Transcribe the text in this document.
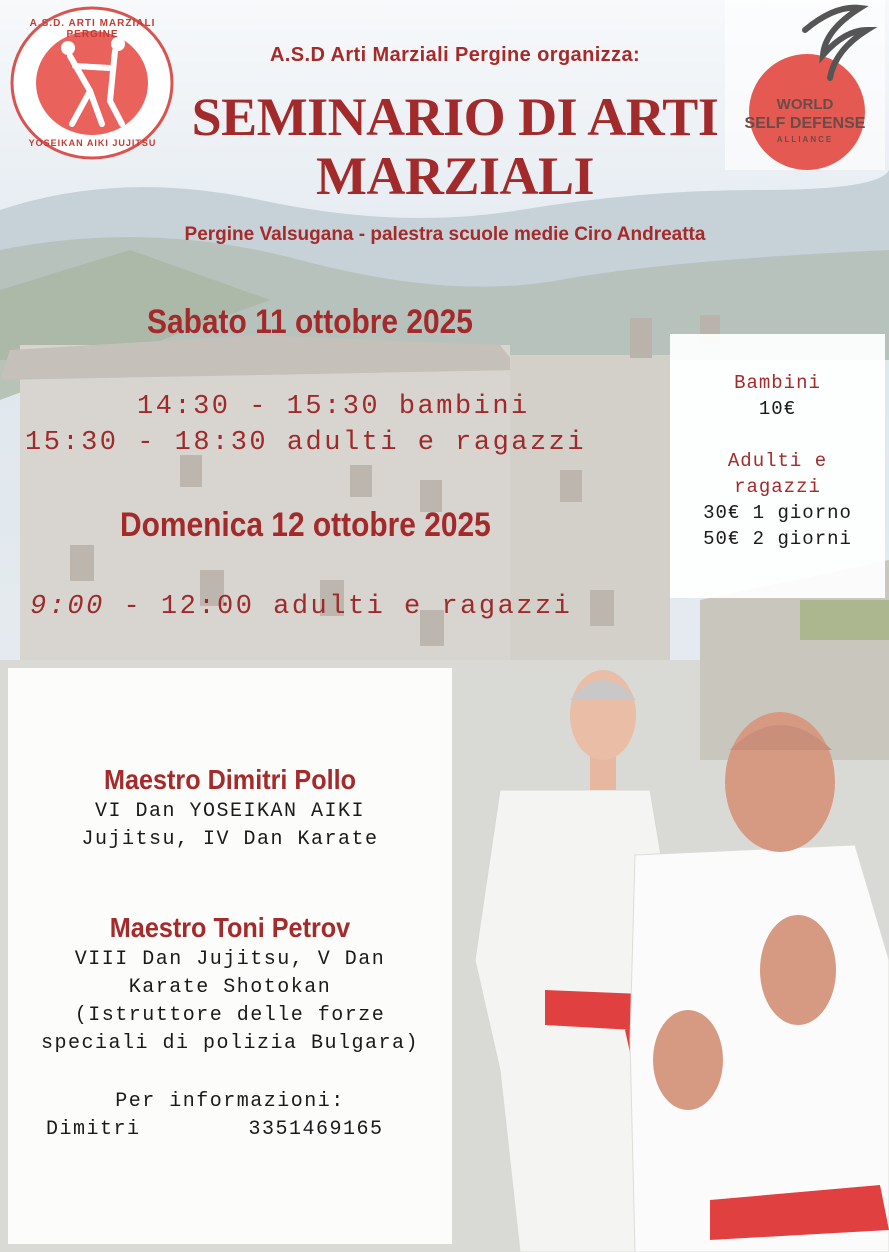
A.S.D. ARTI MARZIALI PERGINE
YOSEIKAN AIKI JUJITSU
WORLD
SELF DEFENSE
ALLIANCE
A.S.D Arti Marziali Pergine organizza:
SEMINARIO DI ARTI
MARZIALI
Pergine Valsugana - palestra scuole medie Ciro Andreatta
Sabato 11 ottobre 2025
14:30 - 15:30 bambini
15:30 - 18:30 adulti e ragazzi
Domenica 12 ottobre 2025
9:00 - 12:00 adulti e ragazzi
Bambini
10€
Adulti e
ragazzi
30€ 1 giorno
50€ 2 giorni
Maestro Dimitri Pollo
VI Dan YOSEIKAN AIKI
Jujitsu, IV Dan Karate
Maestro Toni Petrov
VIII Dan Jujitsu, V Dan
Karate Shotokan
(Istruttore delle forze
speciali di polizia Bulgara)
Per informazioni:
Dimitri	3351469165
